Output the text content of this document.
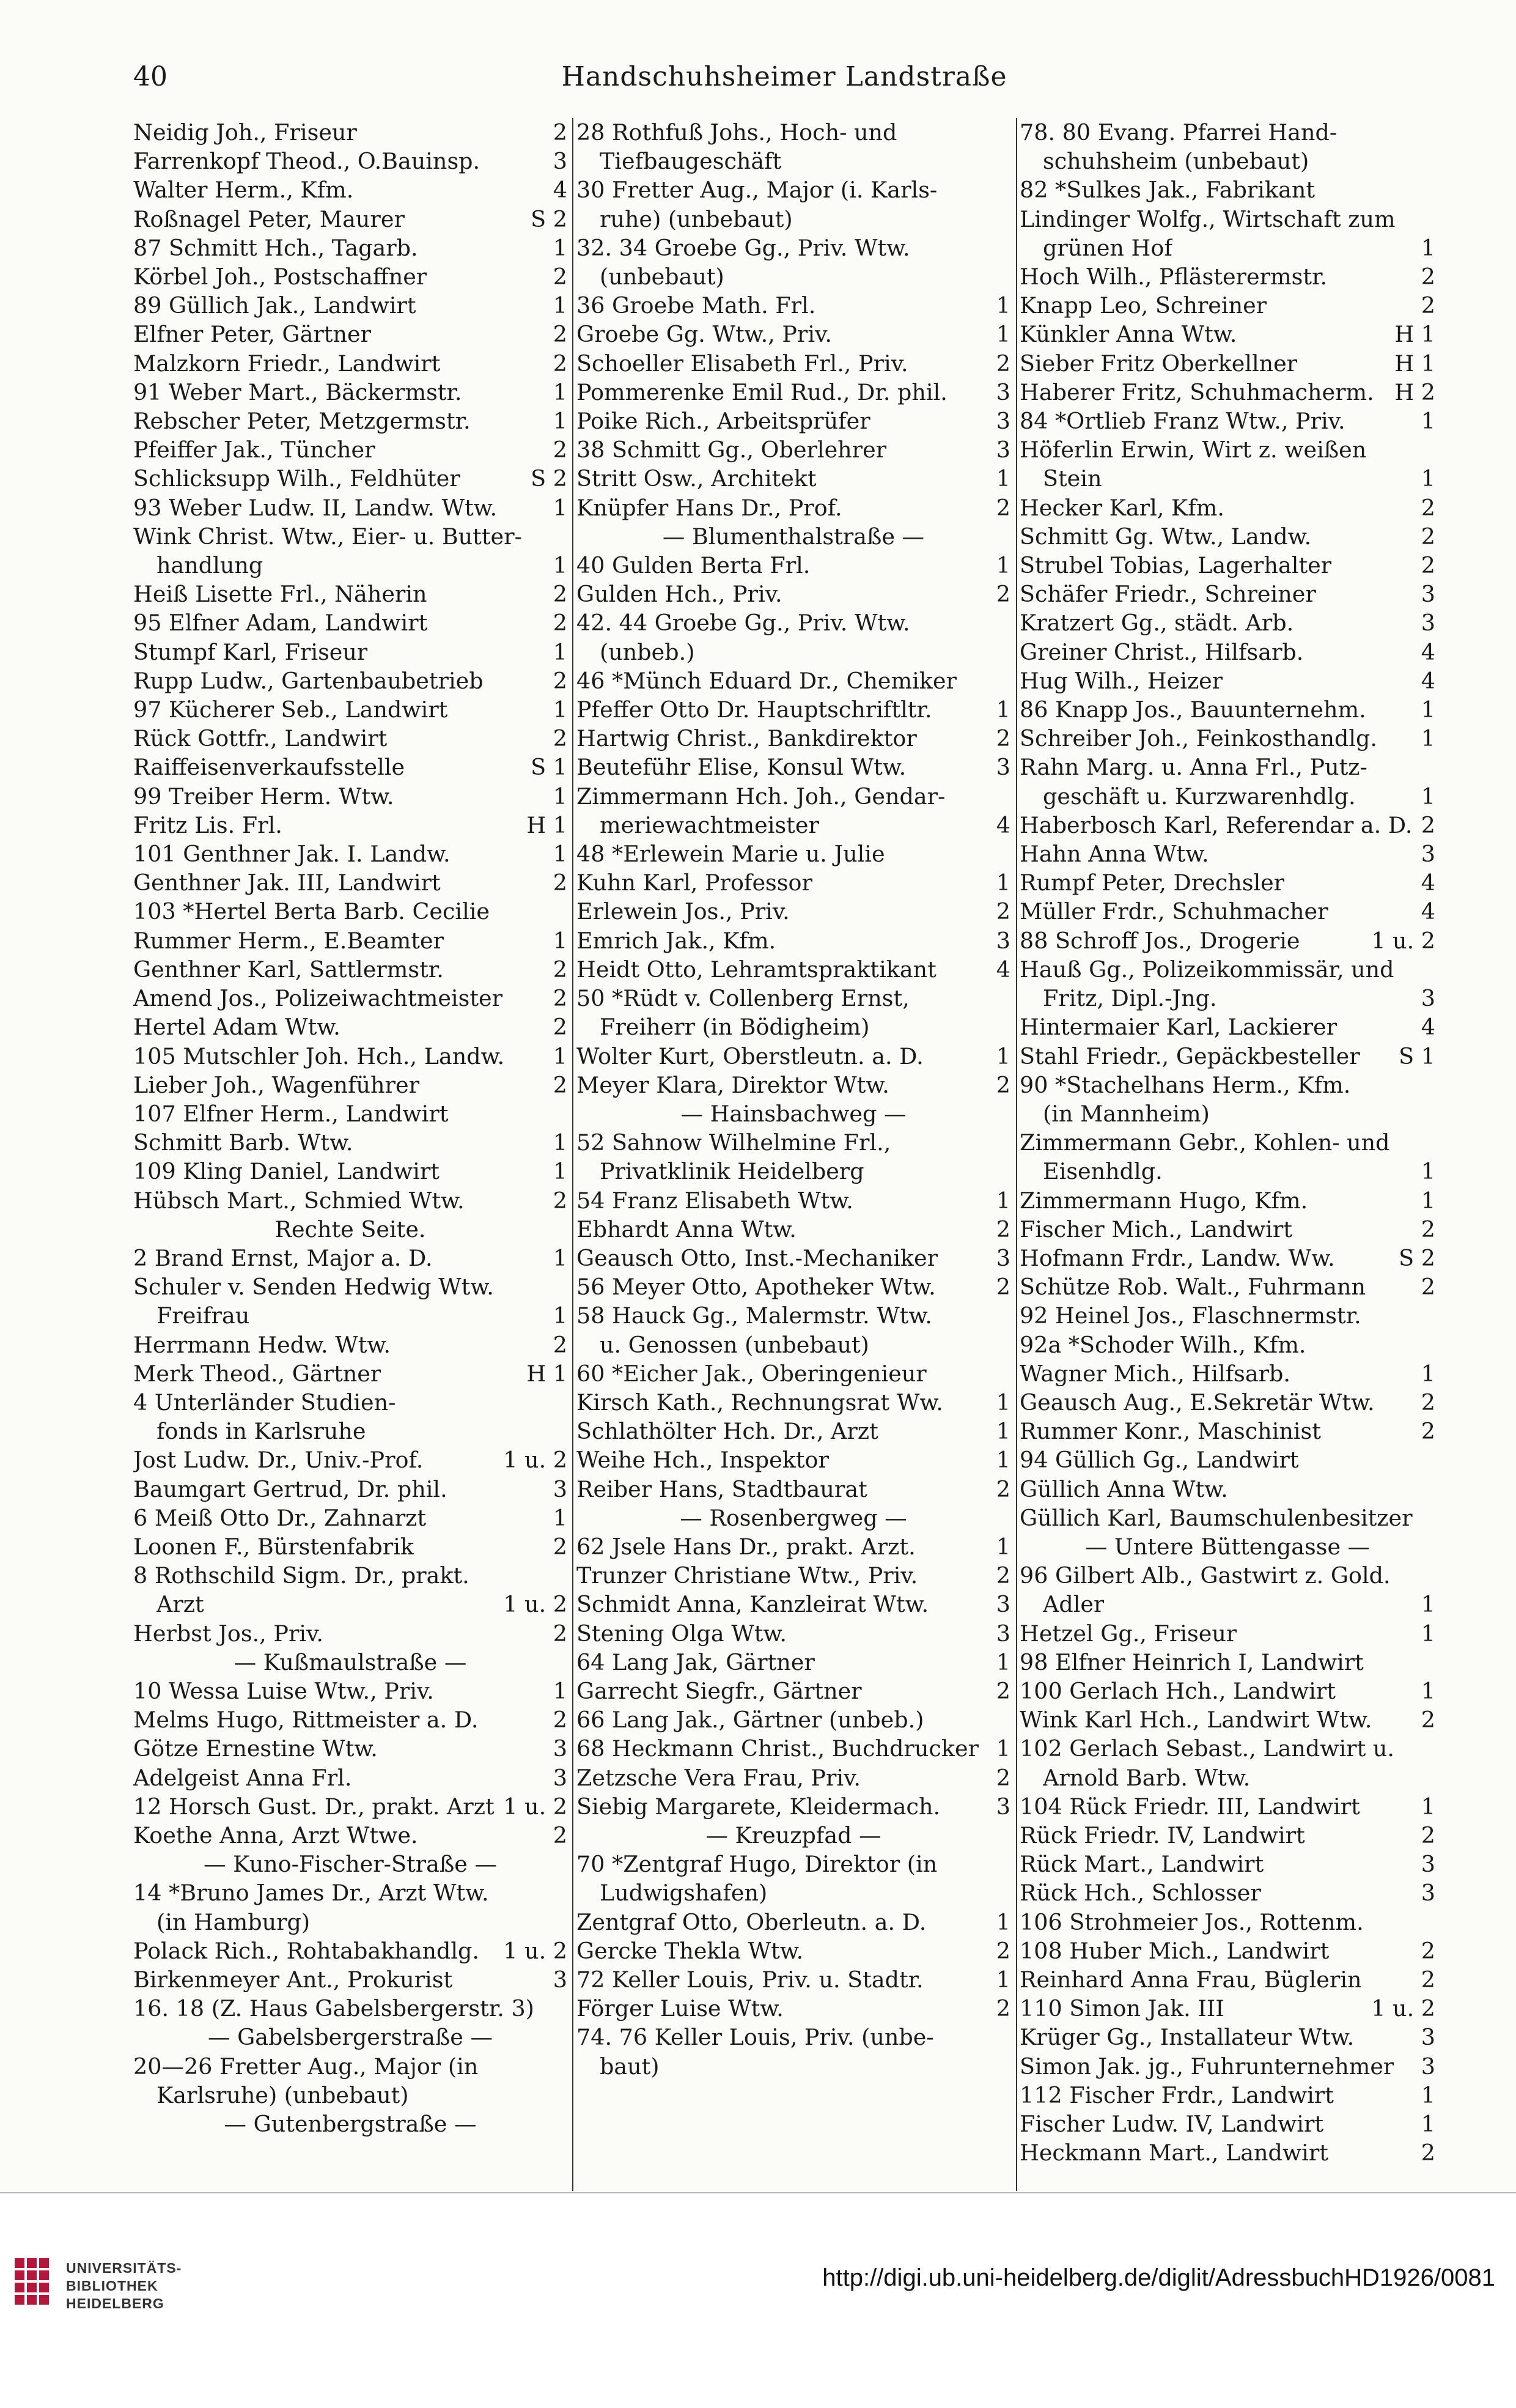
40	Handschuhsheimer Landstraße
Neidig Joh., Friseur	2
Farrenkopf Theod., O.Bauinsp.	3
Walter Herm., Kfm.	4
Roßnagel Peter, Maurer	S 2
87 Schmitt Hch., Tagarb.	1
Körbel Joh., Postschaffner	2
89 Güllich Jak., Landwirt	1
Elfner Peter, Gärtner	2
Malzkorn Friedr., Landwirt	2
91 Weber Mart., Bäckermstr.	1
Rebscher Peter, Metzgermstr.	1
Pfeiffer Jak., Tüncher	2
Schlicksupp Wilh., Feldhüter	S 2
93 Weber Ludw. II, Landw. Wtw.	1
Wink Christ. Wtw., Eier- u. Butter-
handlung	1
Heiß Lisette Frl., Näherin	2
95 Elfner Adam, Landwirt	2
Stumpf Karl, Friseur	1
Rupp Ludw., Gartenbaubetrieb	2
97 Kücherer Seb., Landwirt	1
Rück Gottfr., Landwirt	2
Raiffeisenverkaufsstelle	S 1
99 Treiber Herm. Wtw.	1
Fritz Lis. Frl.	H 1
101 Genthner Jak. I. Landw.	1
Genthner Jak. III, Landwirt	2
103 *Hertel Berta Barb. Cecilie
Rummer Herm., E.Beamter	1
Genthner Karl, Sattlermstr.	2
Amend Jos., Polizeiwachtmeister 2
Hertel Adam Wtw.	2
105 Mutschler Joh. Hch., Landw. 1
Lieber Joh., Wagenführer	2
107 Elfner Herm., Landwirt
Schmitt Barb. Wtw.	1
109 Kling Daniel, Landwirt	1
Hübsch Mart., Schmied Wtw.	2
Rechte Seite.
2 Brand Ernst, Major a. D.	1
Schuler v. Senden Hedwig Wtw.
Freifrau	1
Herrmann Hedw. Wtw.	2
Merk Theod., Gärtner	H 1
4 Unterländer Studien-
fonds in Karlsruhe
Jost Ludw. Dr., Univ.-Prof.	1 u. 2
Baumgart Gertrud, Dr. phil.	3
6 Meiß Otto Dr., Zahnarzt	1
Loonen F., Bürstenfabrik	2
8 Rothschild Sigm. Dr., prakt.
Arzt	1 u. 2
Herbst Jos., Priv.	2
— Kußmaulstraße —
10 Wessa Luise Wtw., Priv.	1
Melms Hugo, Rittmeister a. D.	2
Götze Ernestine Wtw.	3
Adelgeist Anna Frl.	3
12 Horsch Gust. Dr., prakt. Arzt 1 u. 2
Koethe Anna, Arzt Wtwe.	2
— Kuno-Fischer-Straße —
14 *Bruno James Dr., Arzt Wtw.
(in Hamburg)
Polack Rich., Rohtabakhandlg. 1 u. 2
Birkenmeyer Ant., Prokurist	3
16. 18 (Z. Haus Gabelsbergerstr. 3)
— Gabelsbergerstraße —
20—26 Fretter Aug., Major (in
Karlsruhe) (unbebaut)
— Gutenbergstraße —
28 Rothfuß Johs., Hoch- und
Tiefbaugeschäft
30 Fretter Aug., Major (i. Karls-
ruhe) (unbebaut)
32. 34 Groebe Gg., Priv. Wtw.
(unbebaut)
36 Groebe Math. Frl.	1
Groebe Gg. Wtw., Priv.	1
Schoeller Elisabeth Frl., Priv.	2
Pommerenke Emil Rud., Dr. phil. 3
Poike Rich., Arbeitsprüfer	3
38 Schmitt Gg., Oberlehrer	3
Stritt Osw., Architekt	1
Knüpfer Hans Dr., Prof.	2
— Blumenthalstraße —
40 Gulden Berta Frl.	1
Gulden Hch., Priv.	2
42. 44 Groebe Gg., Priv. Wtw.
(unbeb.)
46 *Münch Eduard Dr., Chemiker
Pfeffer Otto Dr. Hauptschriftltr.	1
Hartwig Christ., Bankdirektor	2
Beuteführ Elise, Konsul Wtw.	3
Zimmermann Hch. Joh., Gendar-
meriewachtmeister	4
48 *Erlewein Marie u. Julie
Kuhn Karl, Professor	1
Erlewein Jos., Priv.	2
Emrich Jak., Kfm.	3
Heidt Otto, Lehramtspraktikant	4
50 *Rüdt v. Collenberg Ernst,
Freiherr (in Bödigheim)
Wolter Kurt, Oberstleutn. a. D.	1
Meyer Klara, Direktor Wtw.	2
— Hainsbachweg —
52 Sahnow Wilhelmine Frl.,
Privatklinik Heidelberg
54 Franz Elisabeth Wtw.	1
Ebhardt Anna Wtw.	2
Geausch Otto, Inst.-Mechaniker	3
56 Meyer Otto, Apotheker Wtw.	2
58 Hauck Gg., Malermstr. Wtw.
u. Genossen (unbebaut)
60 *Eicher Jak., Oberingenieur
Kirsch Kath., Rechnungsrat Ww. 1
Schlathölter Hch. Dr., Arzt	1
Weihe Hch., Inspektor	1
Reiber Hans, Stadtbaurat	2
— Rosenbergweg —
62 Jsele Hans Dr., prakt. Arzt.	1
Trunzer Christiane Wtw., Priv.	2
Schmidt Anna, Kanzleirat Wtw.	3
Stening Olga Wtw.	3
64 Lang Jak, Gärtner	1
Garrecht Siegfr., Gärtner	2
66 Lang Jak., Gärtner (unbeb.)
68 Heckmann Christ., Buchdrucker 1
Zetzsche Vera Frau, Priv.	2
Siebig Margarete, Kleidermach.	3
— Kreuzpfad —
70 *Zentgraf Hugo, Direktor (in
Ludwigshafen)
Zentgraf Otto, Oberleutn. a. D.	1
Gercke Thekla Wtw.	2
72 Keller Louis, Priv. u. Stadtr.	1
Förger Luise Wtw.	2
74. 76 Keller Louis, Priv. (unbe-
baut)
78. 80 Evang. Pfarrei Hand-
schuhsheim (unbebaut)
82 *Sulkes Jak., Fabrikant
Lindinger Wolfg., Wirtschaft zum
grünen Hof	1
Hoch Wilh., Pflästerermstr.	2
Knapp Leo, Schreiner	2
Künkler Anna Wtw.	H 1
Sieber Fritz Oberkellner	H 1
Haberer Fritz, Schuhmacherm. H 2
84 *Ortlieb Franz Wtw., Priv.	1
Höferlin Erwin, Wirt z. weißen
Stein	1
Hecker Karl, Kfm.	2
Schmitt Gg. Wtw., Landw.	2
Strubel Tobias, Lagerhalter	2
Schäfer Friedr., Schreiner	3
Kratzert Gg., städt. Arb.	3
Greiner Christ., Hilfsarb.	4
Hug Wilh., Heizer	4
86 Knapp Jos., Bauunternehm. 1
Schreiber Joh., Feinkosthandlg. 1
Rahn Marg. u. Anna Frl., Putz-
geschäft u. Kurzwarenhdlg.	1
Haberbosch Karl, Referendar a. D. 2
Hahn Anna Wtw.	3
Rumpf Peter, Drechsler	4
Müller Frdr., Schuhmacher	4
88 Schroff Jos., Drogerie	1 u. 2
Hauß Gg., Polizeikommissär, und
Fritz, Dipl.-Jng.	3
Hintermaier Karl, Lackierer	4
Stahl Friedr., Gepäckbesteller S 1
90 *Stachelhans Herm., Kfm.
(in Mannheim)
Zimmermann Gebr., Kohlen- und
Eisenhdlg.	1
Zimmermann Hugo, Kfm.	1
Fischer Mich., Landwirt	2
Hofmann Frdr., Landw. Ww.	S 2
Schütze Rob. Walt., Fuhrmann 2
92 Heinel Jos., Flaschnermstr.
92a *Schoder Wilh., Kfm.
Wagner Mich., Hilfsarb.	1
Geausch Aug., E.Sekretär Wtw. 2
Rummer Konr., Maschinist	2
94 Güllich Gg., Landwirt
Güllich Anna Wtw.
Güllich Karl, Baumschulenbesitzer
— Untere Büttengasse —
96 Gilbert Alb., Gastwirt z. Gold.
Adler	1
Hetzel Gg., Friseur	1
98 Elfner Heinrich I, Landwirt
100 Gerlach Hch., Landwirt	1
Wink Karl Hch., Landwirt Wtw. 2
102 Gerlach Sebast., Landwirt u.
Arnold Barb. Wtw.
104 Rück Friedr. III, Landwirt	1
Rück Friedr. IV, Landwirt	2
Rück Mart., Landwirt	3
Rück Hch., Schlosser	3
106 Strohmeier Jos., Rottenm.
108 Huber Mich., Landwirt	2
Reinhard Anna Frau, Büglerin	2
110 Simon Jak. III	1 u. 2
Krüger Gg., Installateur Wtw.	3
Simon Jak. jg., Fuhrunternehmer 3
112 Fischer Frdr., Landwirt	1
Fischer Ludw. IV, Landwirt	1
Heckmann Mart., Landwirt	2
UNIVERSITÄTS-
BIBLIOTHEK
HEIDELBERG
http://digi.ub.uni-heidelberg.de/diglit/AdressbuchHD1926/0081
